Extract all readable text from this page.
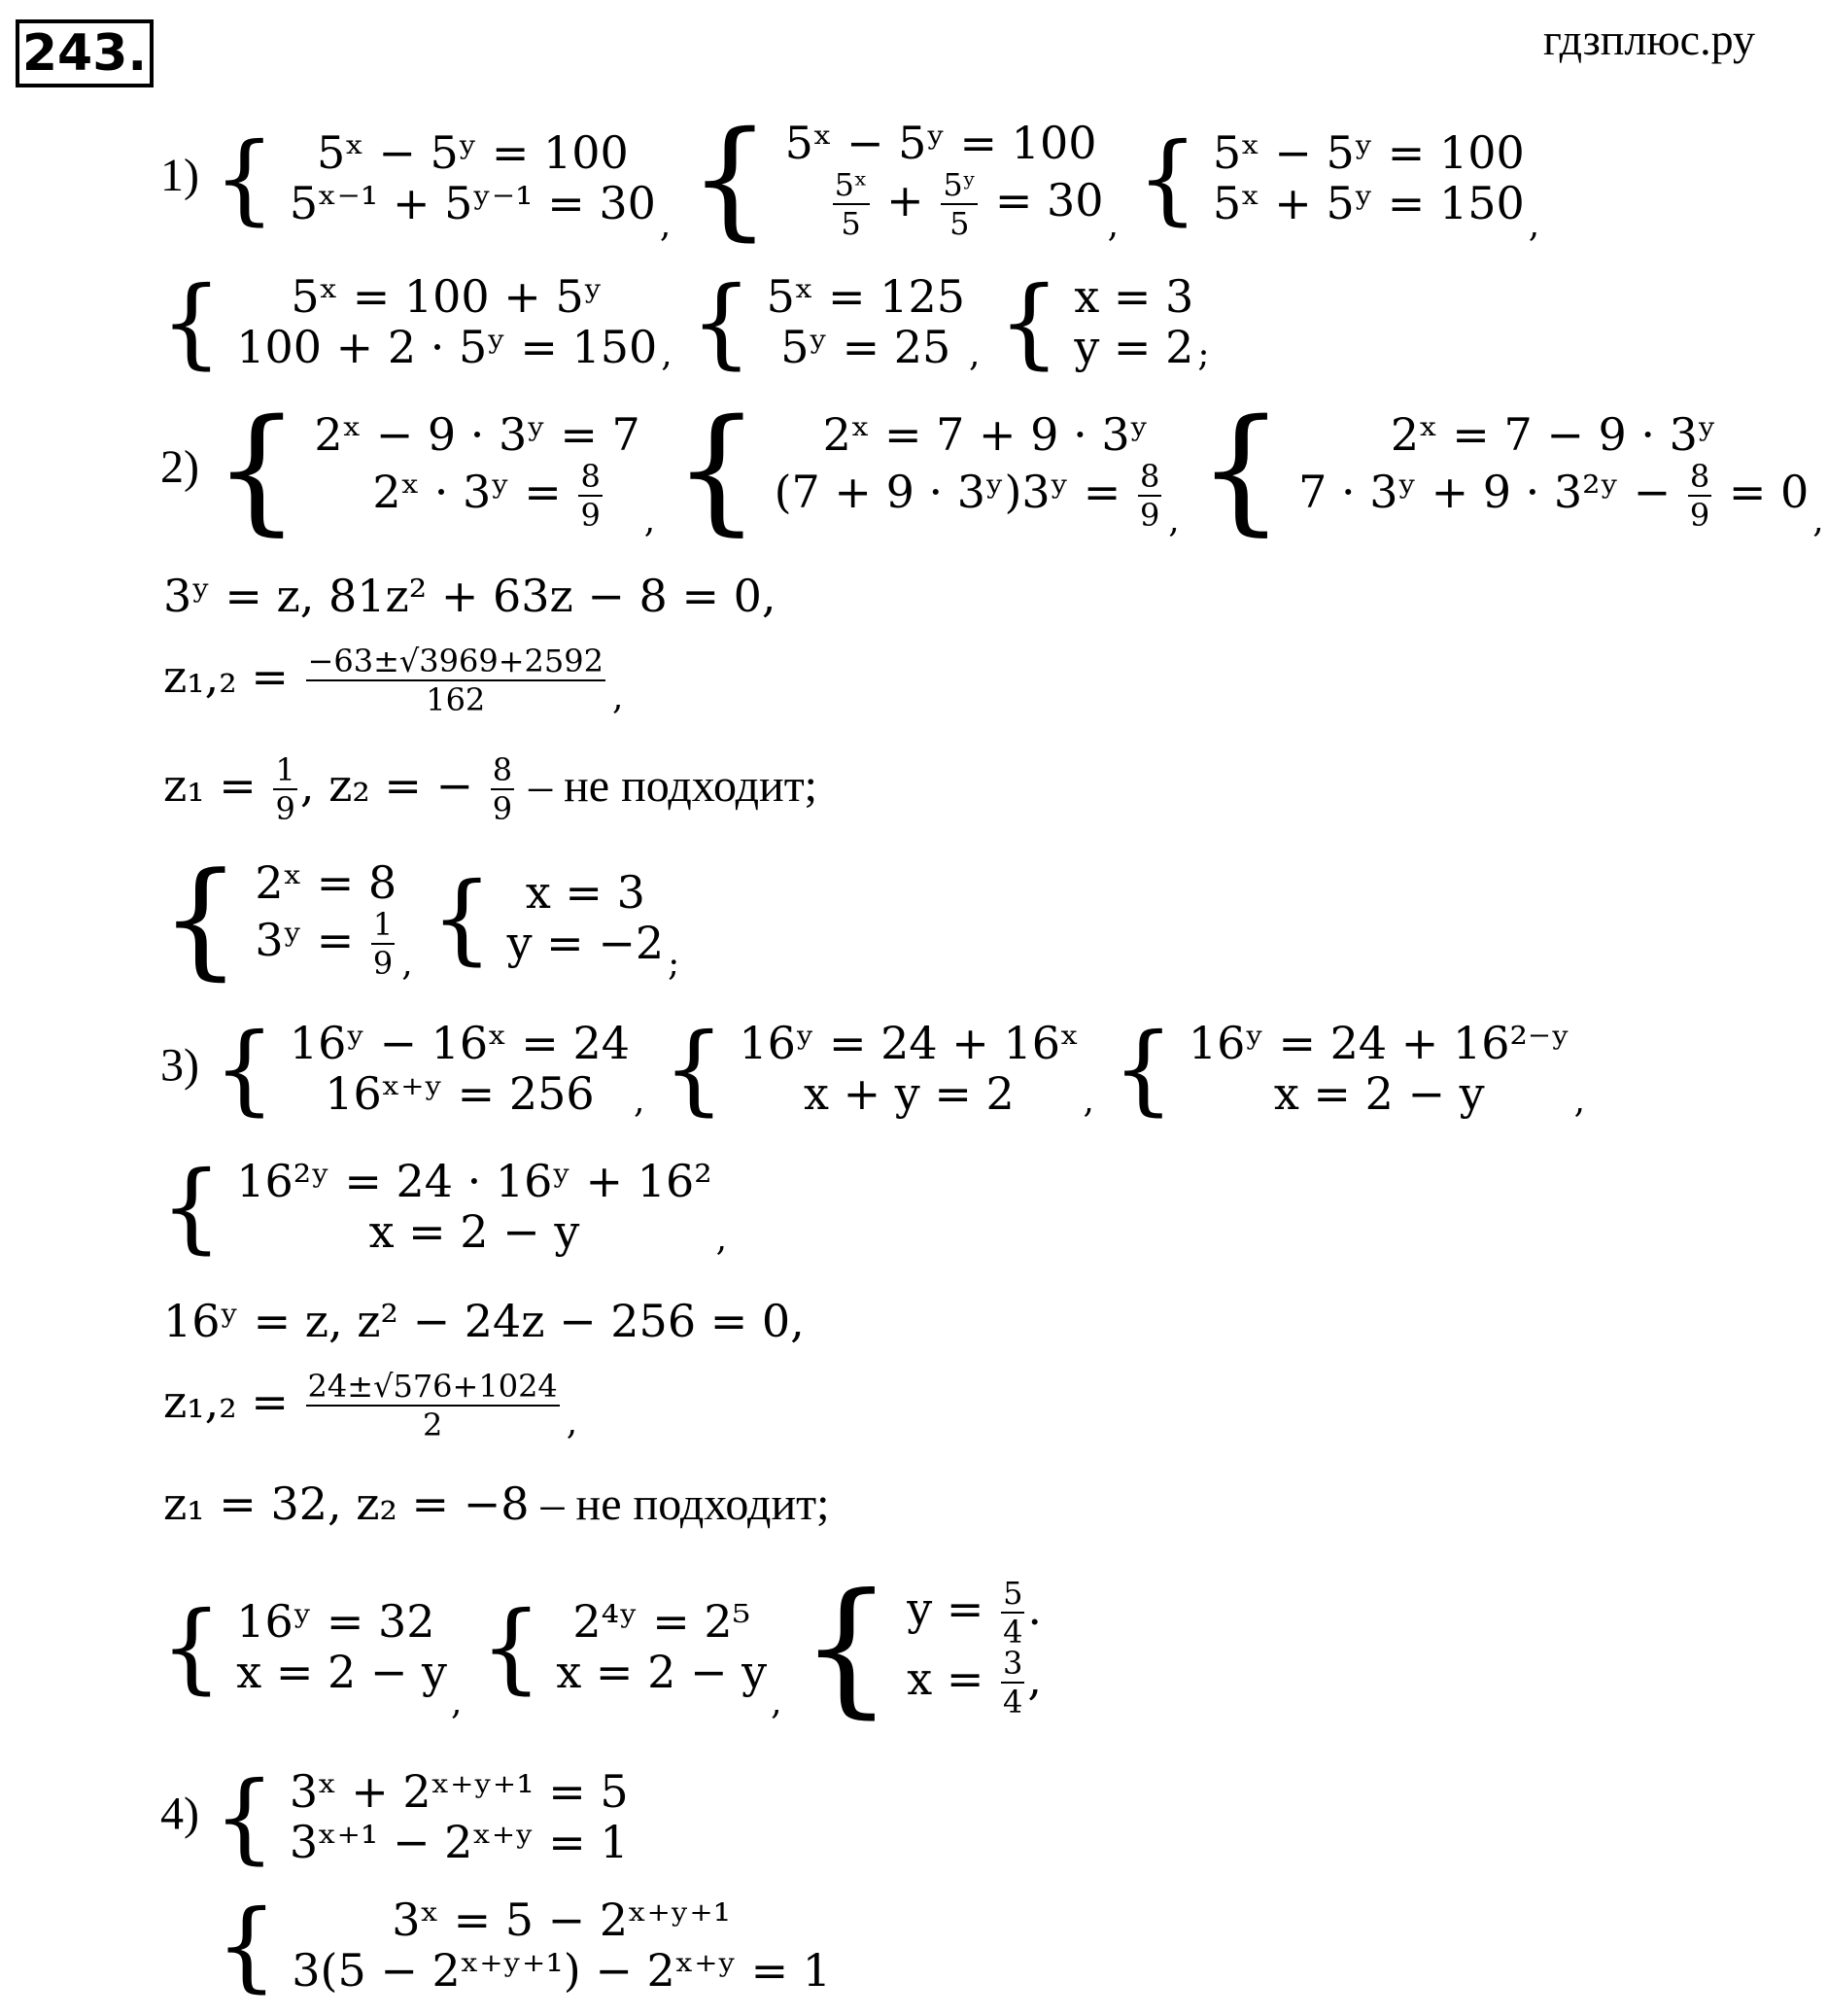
243.	гдзплюс.ру
1) { 5ˣ − 5ʸ = 100
5ˣ⁻¹ + 5ʸ⁻¹ = 30 , { 5ˣ − 5ʸ = 100
$\frac{\text{5ˣ}}{5} + \frac{\text{5ʸ}}{5} = 30$ , { 5ˣ − 5ʸ = 100
5ˣ + 5ʸ = 150 ,
{	5ˣ = 100 + 5ʸ
100 + 2 · 5ʸ = 150 , { 5ˣ = 125
5ʸ = 25 , { x = 3
y = 2 ;
2) { 2ˣ − 9 · 3ʸ = 7
2ˣ · 3ʸ = $\frac{8}{9}$ , {	2ˣ = 7 + 9 · 3ʸ
(7 + 9 · 3ʸ)3ʸ = $\frac{8}{9}$ , {	2ˣ = 7 − 9 · 3ʸ
7 · 3ʸ + 9 · 3²ʸ − $\frac{8}{9} = 0$
,
3ʸ = z, 81z² + 63z − 8 = 0,
$z_1,_2 = \frac{-63\pm√3969+2592}{162}$ ,
$z_1 = \frac{1}{9}$ , z₂ = − $\frac{8}{9}$ – не подходит;
{ 2ˣ = 8
3ʸ = $\frac{1}{9}$ , { x = 3
y = −2 ;
3) { 16ʸ − 16ˣ = 24
16ˣ⁺ʸ = 256	, { 16ʸ = 24 + 16ˣ
x + y = 2	, { 16ʸ = 24 + 16²⁻ʸ
x = 2 − y	,
{ 16²ʸ = 24 · 16ʸ + 16²
x = 2 − y	,
16ʸ = z, z² − 24z − 256 = 0,
$z_1,_2 = \frac{24\pm√576+1024}{2}$ ,
z₁ = 32, z₂ = −8 – не подходит;
{ 16ʸ = 32
x = 2 − y
, { 2⁴ʸ = 2⁵
x = 2 − y
, { $y = \frac{5}{4}$ .
$x = \frac{3}{4}$ ,
4) { 3ˣ + 2ˣ⁺ʸ⁺¹ = 5
3ˣ⁺¹ − 2ˣ⁺ʸ = 1
{	3ˣ = 5 − 2ˣ⁺ʸ⁺¹
3(5 − 2ˣ⁺ʸ⁺¹) − 2ˣ⁺ʸ = 1
